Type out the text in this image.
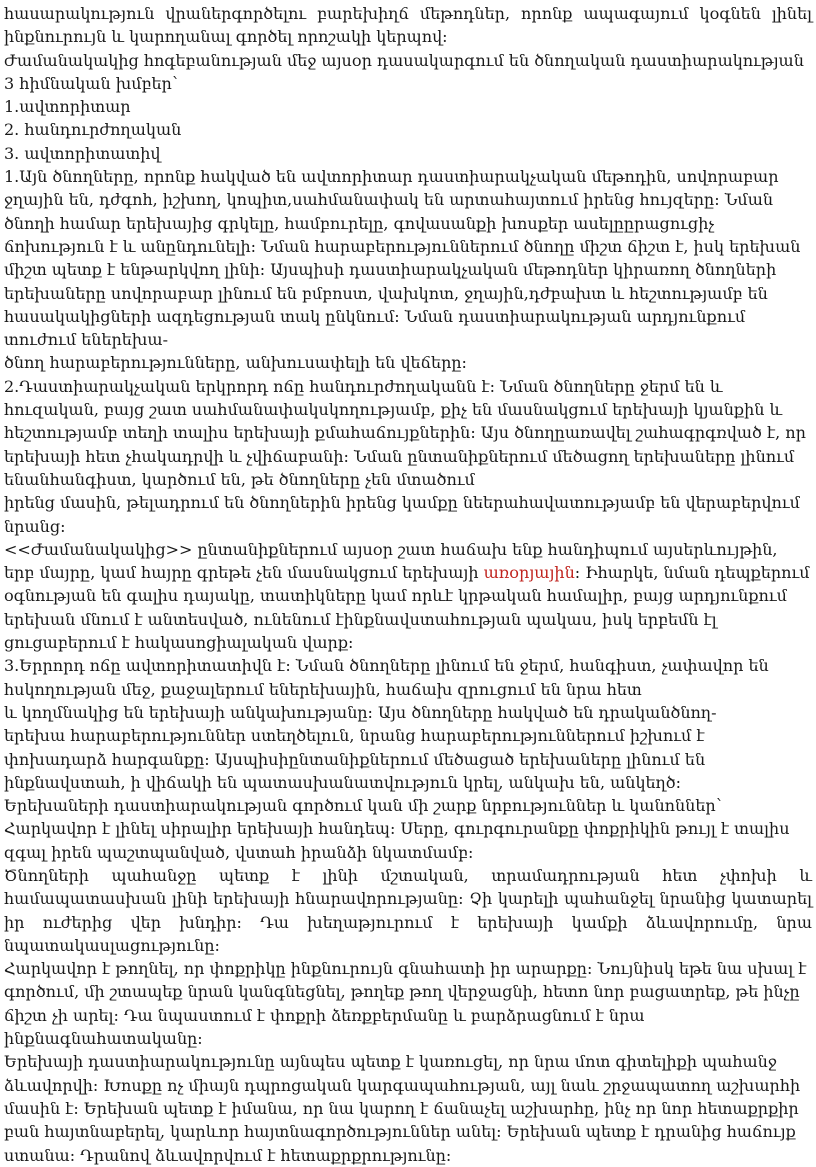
հասարակություն վրաներգործելու բարեխիղճ մեթոդներ, որոնք ապագայում կօգնեն լինել ինքնուրույն և կարողանալ գործել որոշակի կերպով։

Ժամանակակից հոգեբանության մեջ այսօր դասակարգում են ծնողական դաստիարակության 3 հիմնական խմբեր՝

1.ավտորիտար

2. հանդուրժողական

3. ավտորիտատիվ

1.Այն ծնողները, որոնք հակված են ավտորիտար դաստիարակչական մեթոդին, սովորաբար ջղային են, դժգոհ, իշխող, կոպիտ,սահմանափակ են արտահայտում իրենց հույզերը: Նման ծնողի համար երեխայից գրկելը, համբուրելը, գովասանքի խոսքեր ասելըըրացուցիչ ճոխություն է և անընդունելի: Նման հարաբերություններում ծնողը միշտ ճիշտ է, իսկ երեխան միշտ պետք է ենթարկվող լինի: Այսպիսի դաստիարակչական մեթոդներ կիրառող ծնողների երեխաները սովորաբար լինում են բմբոստ, վախկոտ, ջղային,դժբախտ և հեշտությամբ են հասակակիցների ազդեցության տակ ընկնում: Նման դաստիարակության արդյունքում տուժում եներեխա-

ծնող հարաբերությունները, անխուսափելի են վեճերը:

2.Դաստիարակչական երկրորդ ոճը հանդուրժողականն է: Նման ծնողները ջերմ են և հուզական, բայց շատ սահմանափակսկողությամբ, քիչ են մասնակցում երեխայի կյանքին և հեշտությամբ տեղի տալիս երեխայի քմահաճույքներին: Այս ծնողըառավել շահագրգռված է, որ երեխայի հետ չհակադրվի և չվիճաբանի: Նման ընտանիքներում մեծացող երեխաները լինում ենանհանգիստ, կարծում են, թե ծնողները չեն մտածում

իրենց մասին, թելադրում են ծնողներին իրենց կամքը նեերահավատությամբ են վերաբերվում նրանց:

<<Ժամանակակից>> ընտանիքներում այսօր շատ հաճախ ենք հանդիպում այսերևույթին, երբ մայրը, կամ հայրը գրեթե չեն մասնակցում երեխայի առօրյային: Իհարկե, նման դեպքերում օգնության են գալիս դայակը, տատիկները կամ որևէ կրթական համալիր, բայց արդյունքում երեխան մնում է անտեսված, ունենում էինքնավստահության պակաս, իսկ երբեմն էլ ցուցաբերում է հակասոցիալական վարք:

3.Երրորդ ոճը ավտորիտատիվն է: Նման ծնողները լինում են ջերմ, հանգիստ, չափավոր են հսկողության մեջ, քաջալերում եներեխային, հաճախ զրուցում են նրա հետ

և կողմնակից են երեխայի անկախությանը: Այս ծնողները հակված են դրականծնող-

երեխա հարաբերություններ ստեղծելուն, նրանց հարաբերություններում իշխում է փոխադարձ հարգանքը: Այսպիսիընտանիքներում մեծացած երեխաները լինում են ինքնավստահ, ի վիճակի են պատասխանատվություն կրել, անկախ են, անկեղծ:

Երեխաների դաստիարակության գործում կան մի շարք նրբություններ և կանոններ՝

Հարկավոր է լինել սիրալիր երեխայի հանդեպ։ Սերը, գուրգուրանքը փոքրիկին թույլ է տալիս զգալ իրեն պաշտպանված, վստահ իրանձի նկատմամբ։

Ծնողների պահանջը պետք է լինի մշտական, տրամադրության հետ չփոխի և համապատասխան լինի երեխայի հնարավորությանը։ Չի կարելի պահանջել նրանից կատարել իր ուժերից վեր խնդիր։ Դա խեղաթյուրում է երեխայի կամքի ձևավորումը, նրա նպատակասլացությունը։

Հարկավոր է թողնել, որ փոքրիկը ինքնուրույն գնահատի իր արարքը։ Նույնիսկ եթե նա սխալ է գործում, մի շտապեք նրան կանգնեցնել, թողեք թող վերջացնի, հետո նոր բացատրեք, թե ինչը ճիշտ չի արել։ Դա նպաստում է փոքրի ձեռքբերմանը և բարձրացնում է նրա ինքնագնահատականը։

Երեխայի դաստիարակությունը այնպես պետք է կառուցել, որ նրա մոտ գիտելիքի պահանջ ձևավորվի։ Խոսքը ոչ միայն դպրոցական կարգապահության, այլ նաև շրջապատող աշխարհի մասին է։ Երեխան պետք է իմանա, որ նա կարող է ճանաչել աշխարհը, ինչ որ նոր հետաքրքիր բան հայտնաբերել, կարևոր հայտնագործություններ անել։ Երեխան պետք է դրանից հաճույք ստանա։ Դրանով ձևավորվում է հետաքրքրությունը։
